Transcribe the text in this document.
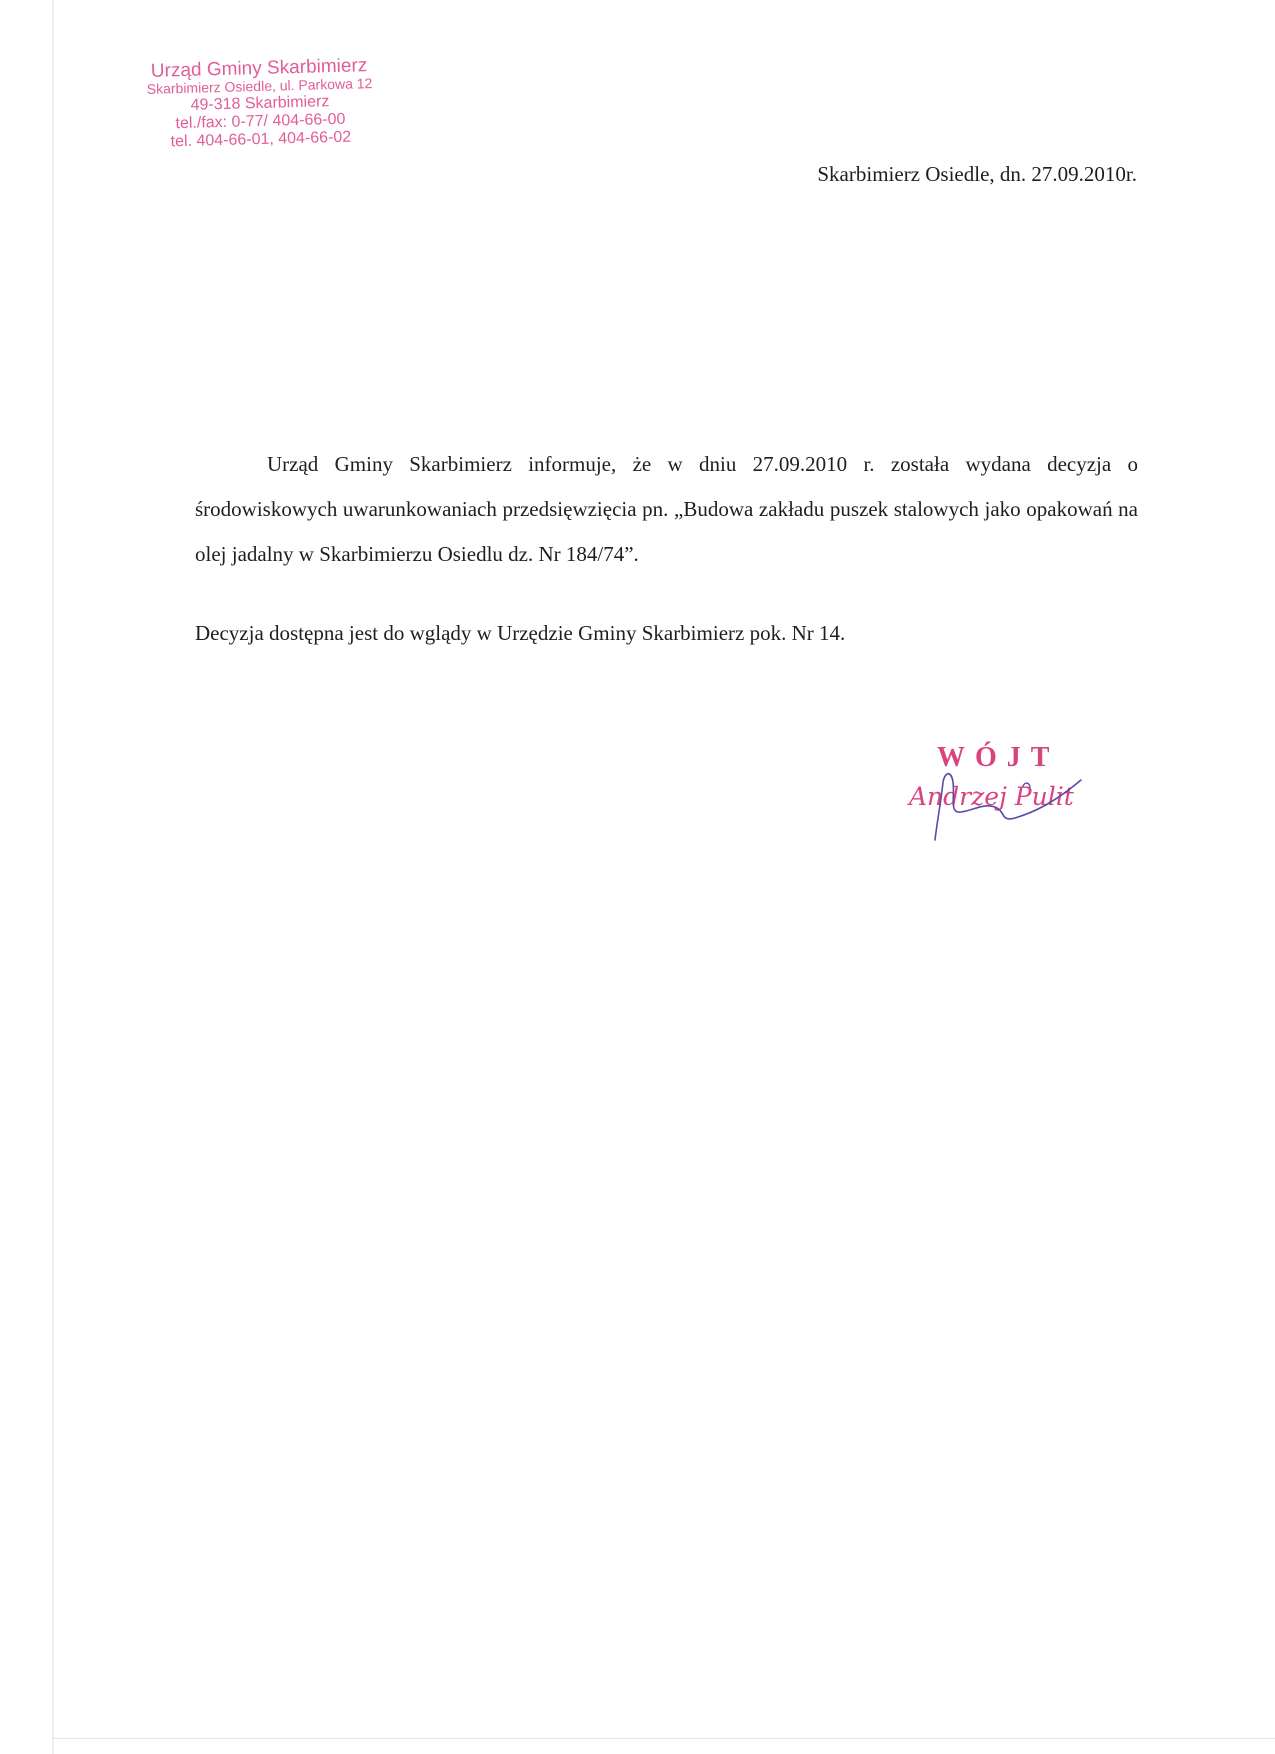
Urząd Gminy Skarbimierz
Skarbimierz Osiedle, ul. Parkowa 12
49-318 Skarbimierz
tel./fax: 0-77/ 404-66-00
tel. 404-66-01, 404-66-02
Skarbimierz Osiedle, dn. 27.09.2010r.

Urząd Gminy Skarbimierz informuje, że w dniu 27.09.2010 r. została wydana decyzja o środowiskowych uwarunkowaniach przedsięwzięcia pn. „Budowa zakładu puszek stalowych jako opakowań na olej jadalny w Skarbimierzu Osiedlu dz. Nr 184/74”.

Decyzja dostępna jest do wglądy w Urzędzie Gminy Skarbimierz pok. Nr 14.

WÓJT
Andrzej Pulit
